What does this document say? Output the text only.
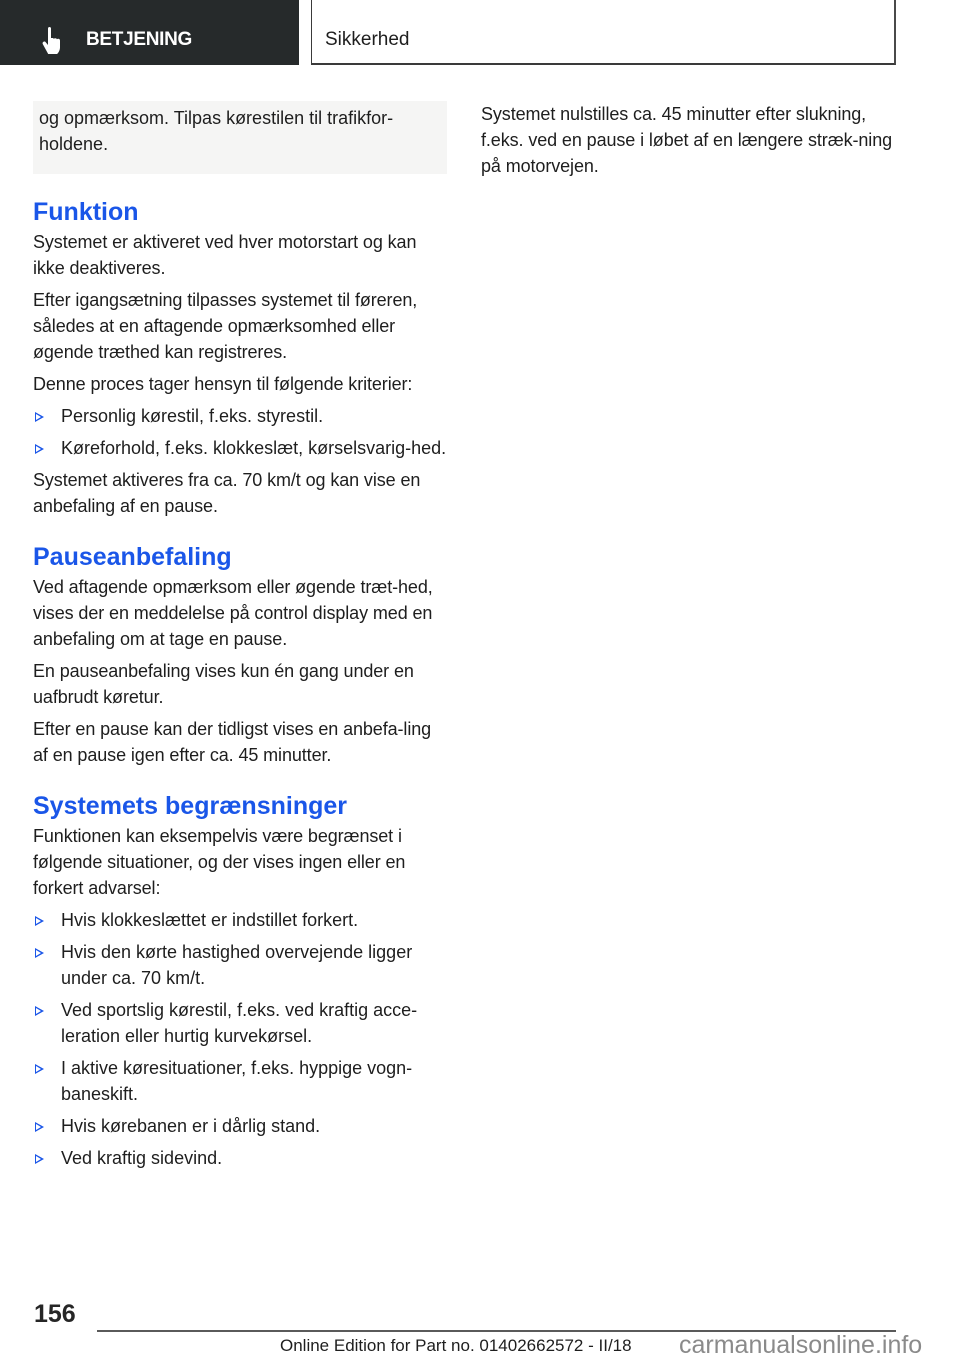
BETJENING	Sikkerhed
og opmærksom. Tilpas kørestilen til trafikfor-holdene.
Funktion

Systemet er aktiveret ved hver motorstart og kan ikke deaktiveres.

Efter igangsætning tilpasses systemet til føreren, således at en aftagende opmærksomhed eller øgende træthed kan registreres.

Denne proces tager hensyn til følgende kriterier:

Personlig kørestil, f.eks. styrestil.
Køreforhold, f.eks. klokkeslæt, kørselsvarig-hed.

Systemet aktiveres fra ca. 70 km/t og kan vise en anbefaling af en pause.

Pauseanbefaling

Ved aftagende opmærksom eller øgende træt-hed, vises der en meddelelse på control display med en anbefaling om at tage en pause.

En pauseanbefaling vises kun én gang under en uafbrudt køretur.

Efter en pause kan der tidligst vises en anbefa-ling af en pause igen efter ca. 45 minutter.

Systemets begrænsninger

Funktionen kan eksempelvis være begrænset i følgende situationer, og der vises ingen eller en forkert advarsel:

Hvis klokkeslættet er indstillet forkert.
Hvis den kørte hastighed overvejende ligger under ca. 70 km/t.
Ved sportslig kørestil, f.eks. ved kraftig acce-leration eller hurtig kurvekørsel.
I aktive køresituationer, f.eks. hyppige vogn-baneskift.
Hvis kørebanen er i dårlig stand.
Ved kraftig sidevind.

Systemet nulstilles ca. 45 minutter efter slukning, f.eks. ved en pause i løbet af en længere stræk-ning på motorvejen.

156
Online Edition for Part no. 01402662572 - II/18 carmanualsonline.info
